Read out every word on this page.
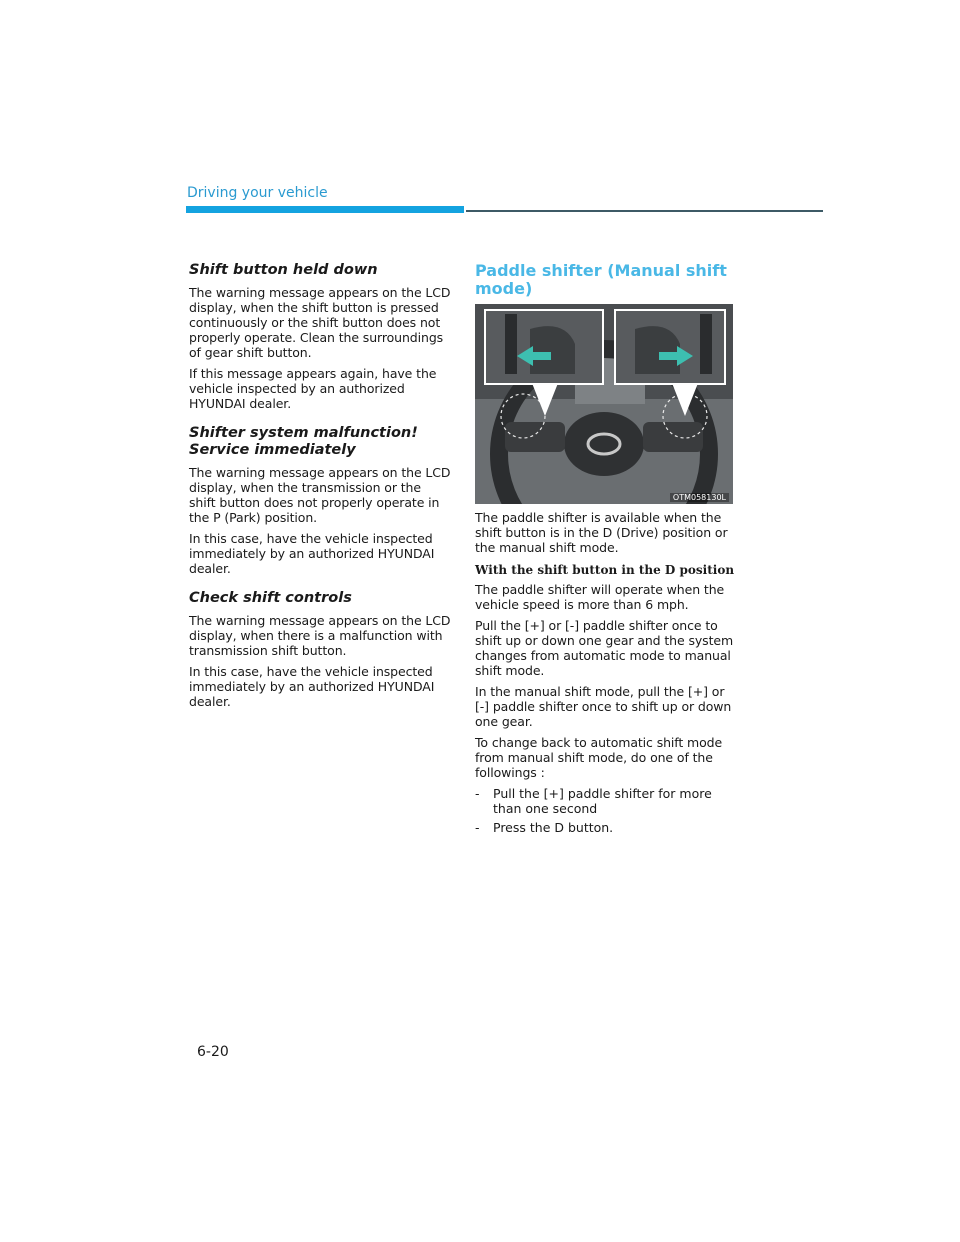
Driving your vehicle
Shift button held down
The warning message appears on the LCD display, when the shift button is pressed continuously or the shift button does not properly operate. Clean the surroundings of gear shift button.
If this message appears again, have the vehicle inspected by an authorized HYUNDAI dealer.
Shifter system malfunction! Service immediately
The warning message appears on the LCD display, when the transmission or the shift button does not properly operate in the P (Park) position.
In this case, have the vehicle inspected immediately by an authorized HYUNDAI dealer.
Check shift controls
The warning message appears on the LCD display, when there is a malfunction with transmission shift button.
In this case, have the vehicle inspected immediately by an authorized HYUNDAI dealer.
Paddle shifter (Manual shift mode)
OTM058130L
The paddle shifter is available when the shift button is in the D (Drive) position or the manual shift mode.
With the shift button in the D position
The paddle shifter will operate when the vehicle speed is more than 6 mph.
Pull the [+] or [-] paddle shifter once to shift up or down one gear and the system changes from automatic mode to manual shift mode.
In the manual shift mode, pull the [+] or [-] paddle shifter once to shift up or down one gear.
To change back to automatic shift mode from manual shift mode, do one of the followings :
-	Pull the [+] paddle shifter for more than one second
-	Press the D button.
6-20
